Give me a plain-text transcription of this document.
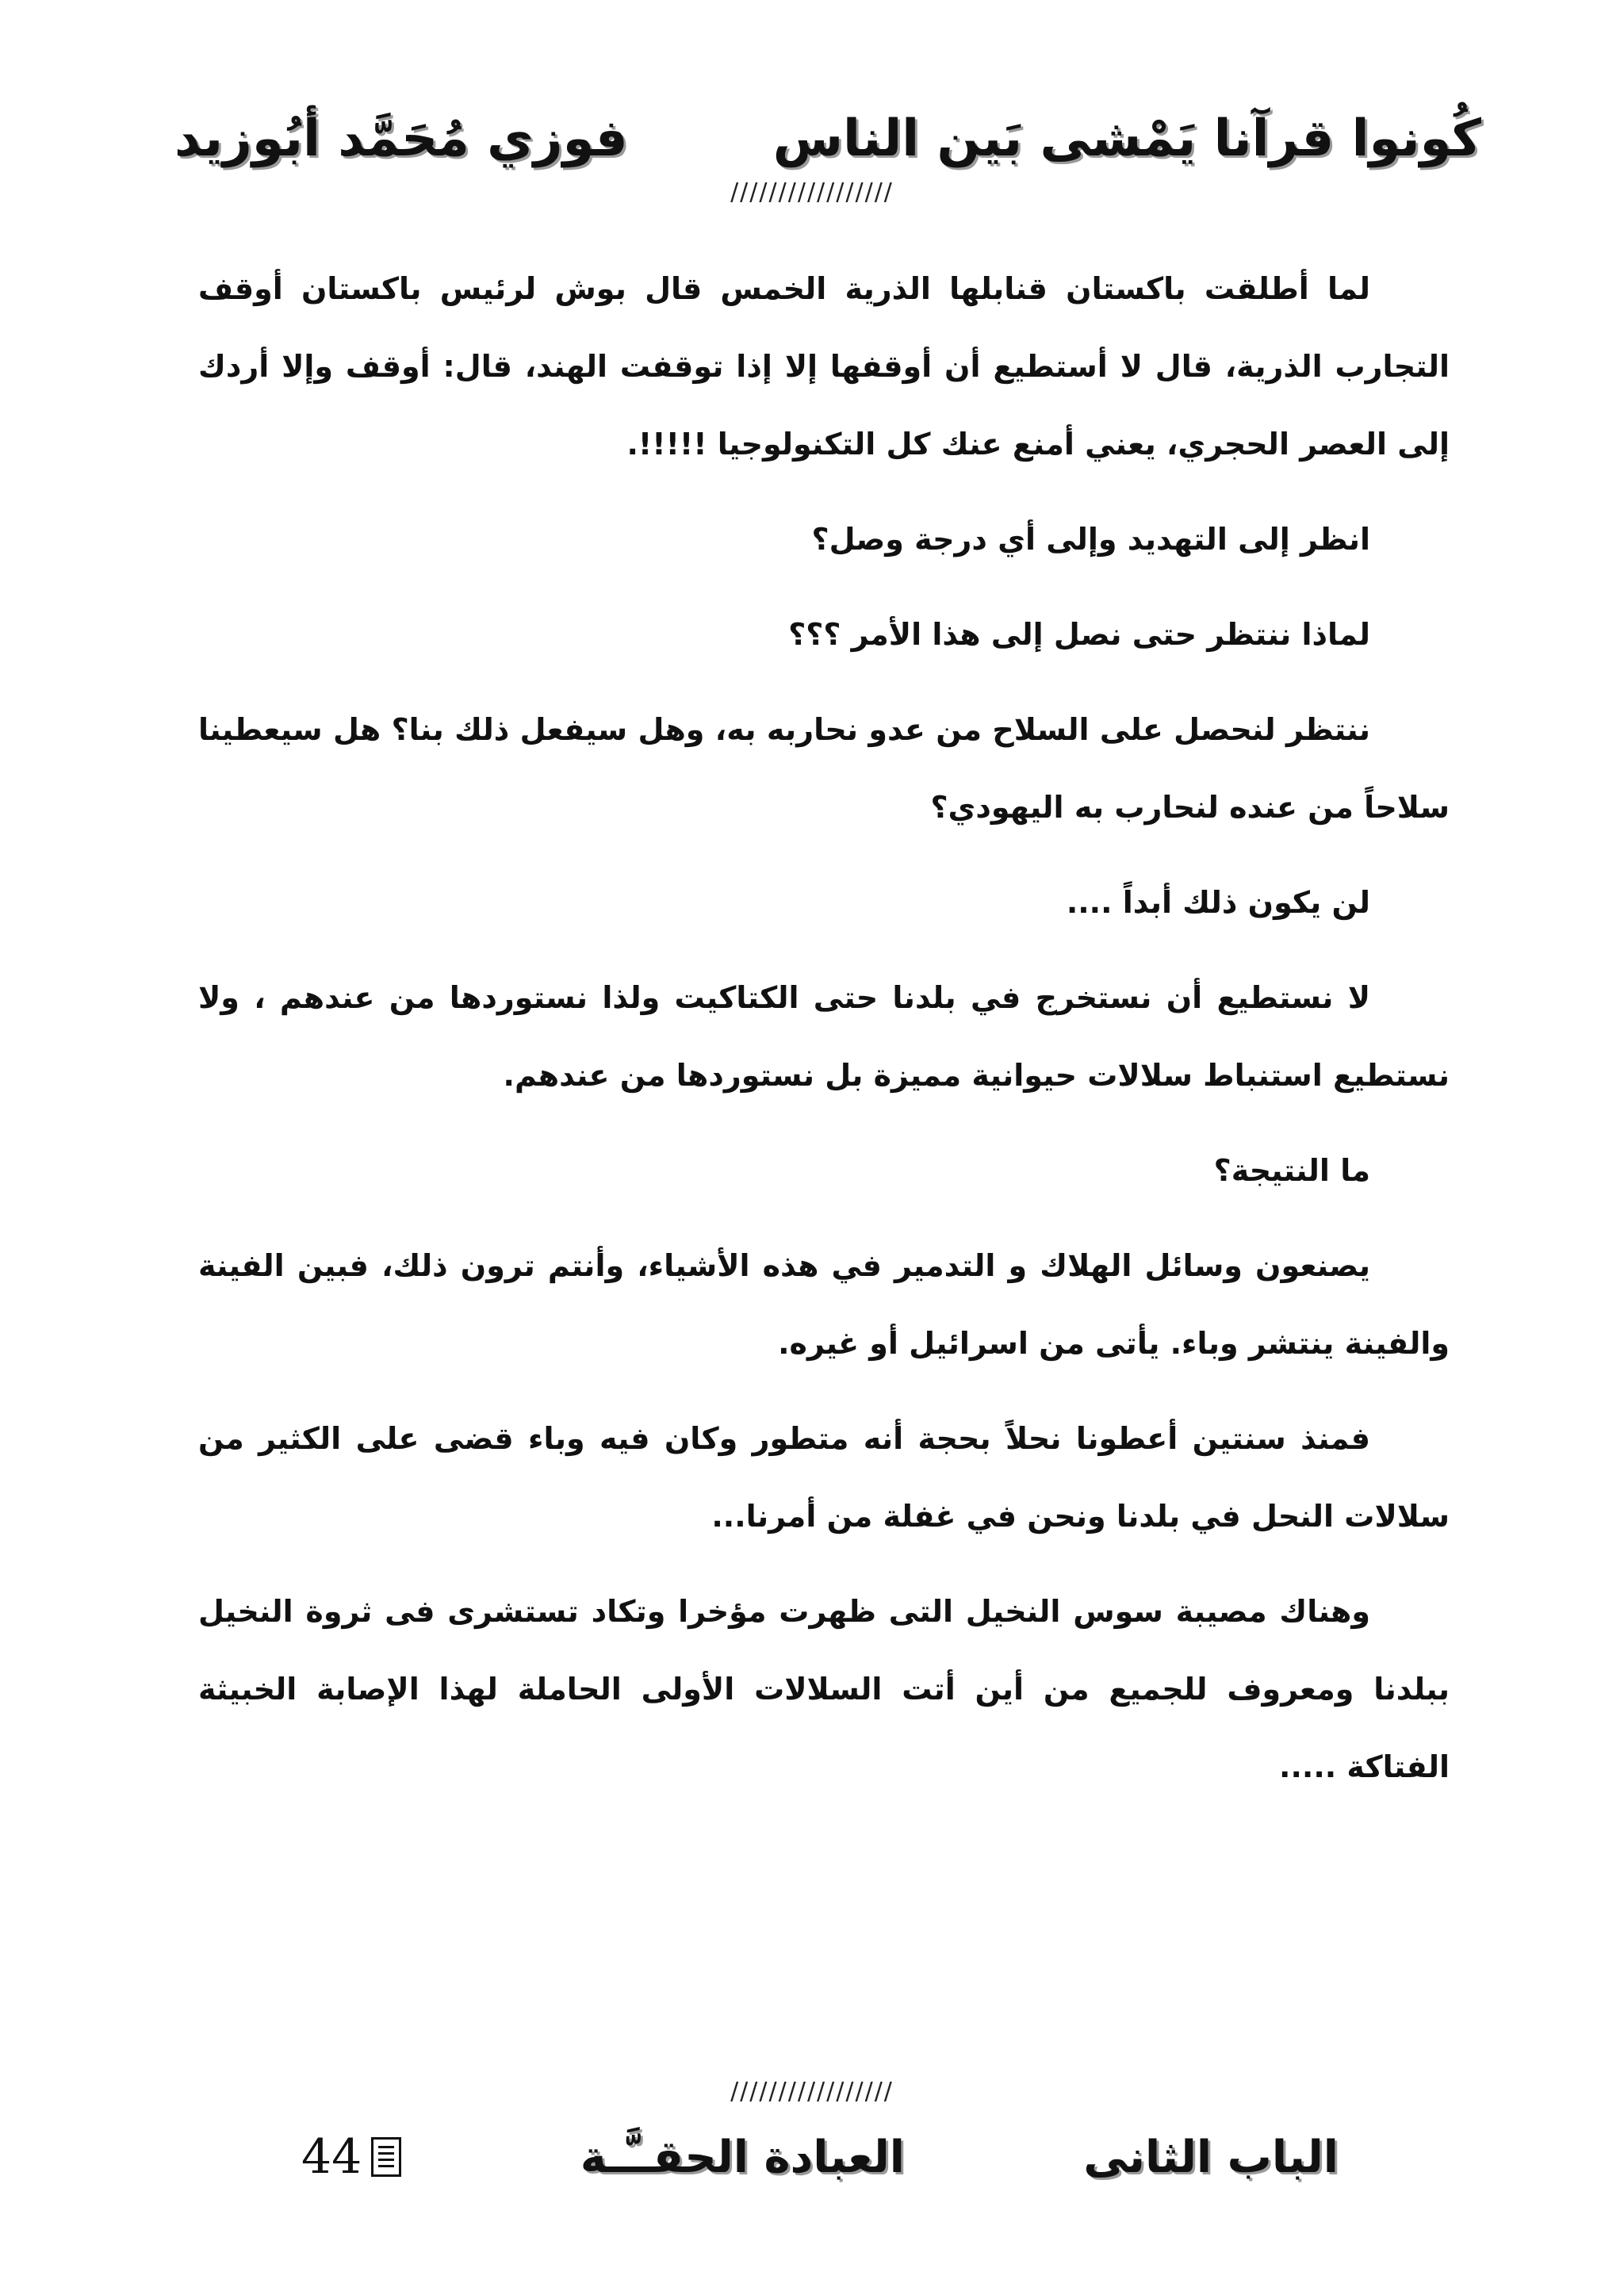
كُونوا قرآنا يَمْشى بَين الناس
فوزي مُحَمَّد أبُوزيد
/////////////////

لما أطلقت باكستان قنابلها الذرية الخمس قال بوش لرئيس باكستان أوقف التجارب الذرية، قال لا أستطيع أن أوقفها إلا إذا توقفت الهند، قال: أوقف وإلا أردك إلى العصر الحجري، يعني أمنع عنك كل التكنولوجيا !!!!!.

انظر إلى التهديد وإلى أي درجة وصل؟

لماذا ننتظر حتى نصل إلى هذا الأمر ؟؟؟

ننتظر لنحصل على السلاح من عدو نحاربه به، وهل سيفعل ذلك بنا؟ هل سيعطينا سلاحاً من عنده لنحارب به اليهودي؟

لن يكون ذلك أبداً ....

لا نستطيع أن نستخرج في بلدنا حتى الكتاكيت ولذا نستوردها من عندهم ، ولا نستطيع استنباط سلالات حيوانية مميزة بل نستوردها من عندهم.

ما النتيجة؟

يصنعون وسائل الهلاك و التدمير في هذه الأشياء، وأنتم ترون ذلك، فبين الفينة والفينة ينتشر وباء. يأتى من اسرائيل أو غيره.

فمنذ سنتين أعطونا نحلاً بحجة أنه متطور وكان فيه وباء قضى على الكثير من سلالات النحل في بلدنا ونحن في غفلة من أمرنا...

وهناك مصيبة سوس النخيل التى ظهرت مؤخرا وتكاد تستشرى فى ثروة النخيل ببلدنا ومعروف للجميع من أين أتت السلالات الأولى الحاملة لهذا الإصابة الخبيثة الفتاكة .....

/////////////////
الباب الثانى
العبادة الحقــَّـة
44
